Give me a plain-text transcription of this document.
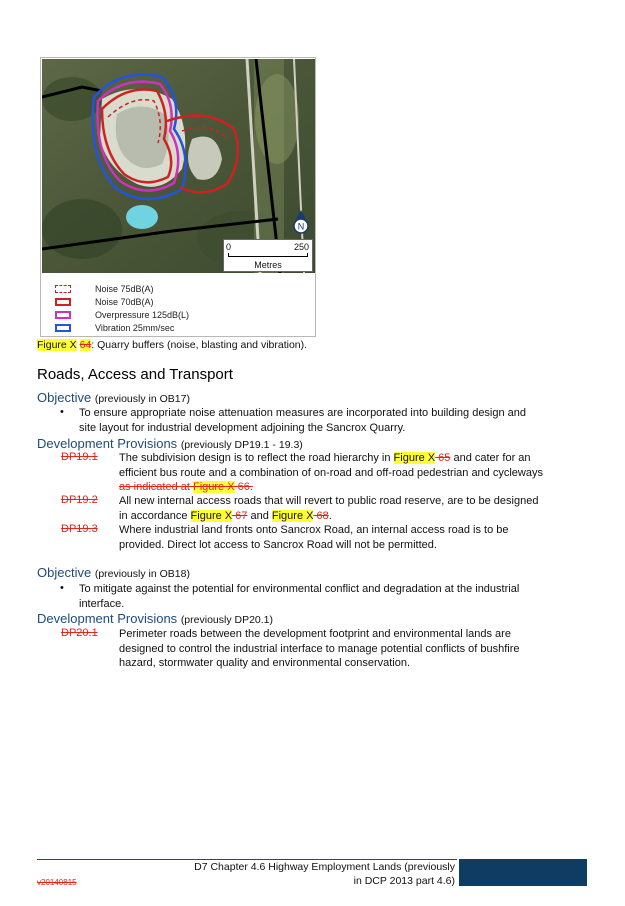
0	250
Metres
N
Noise 75dB(A)
Noise 70dB(A)
Overpressure 125dB(L)
Vibration 25mm/sec
Figure X 64: Quarry buffers (noise, blasting and vibration).
Roads, Access and Transport
Objective (previously in OB17)
• To ensure appropriate noise attenuation measures are incorporated into building design and
site layout for industrial development adjoining the Sancrox Quarry.
Development Provisions (previously DP19.1 - 19.3)
DP19.1 The subdivision design is to reflect the road hierarchy in Figure X 65 and cater for an
efficient bus route and a combination of on-road and off-road pedestrian and cycleways
as indicated at Figure X 66.
DP19.2 All new internal access roads that will revert to public road reserve, are to be designed
in accordance Figure X 67 and Figure X 68.
DP19.3 Where industrial land fronts onto Sancrox Road, an internal access road is to be
provided. Direct lot access to Sancrox Road will not be permitted.
Objective (previously in OB18)
• To mitigate against the potential for environmental conflict and degradation at the industrial
interface.
Development Provisions (previously DP20.1)
DP20.1 Perimeter roads between the development footprint and environmental lands are
designed to control the industrial interface to manage potential conflicts of bushfire
hazard, stormwater quality and environmental conservation.
D7 Chapter 4.6 Highway Employment Lands (previously
in DCP 2013 part 4.6)
v20140815
